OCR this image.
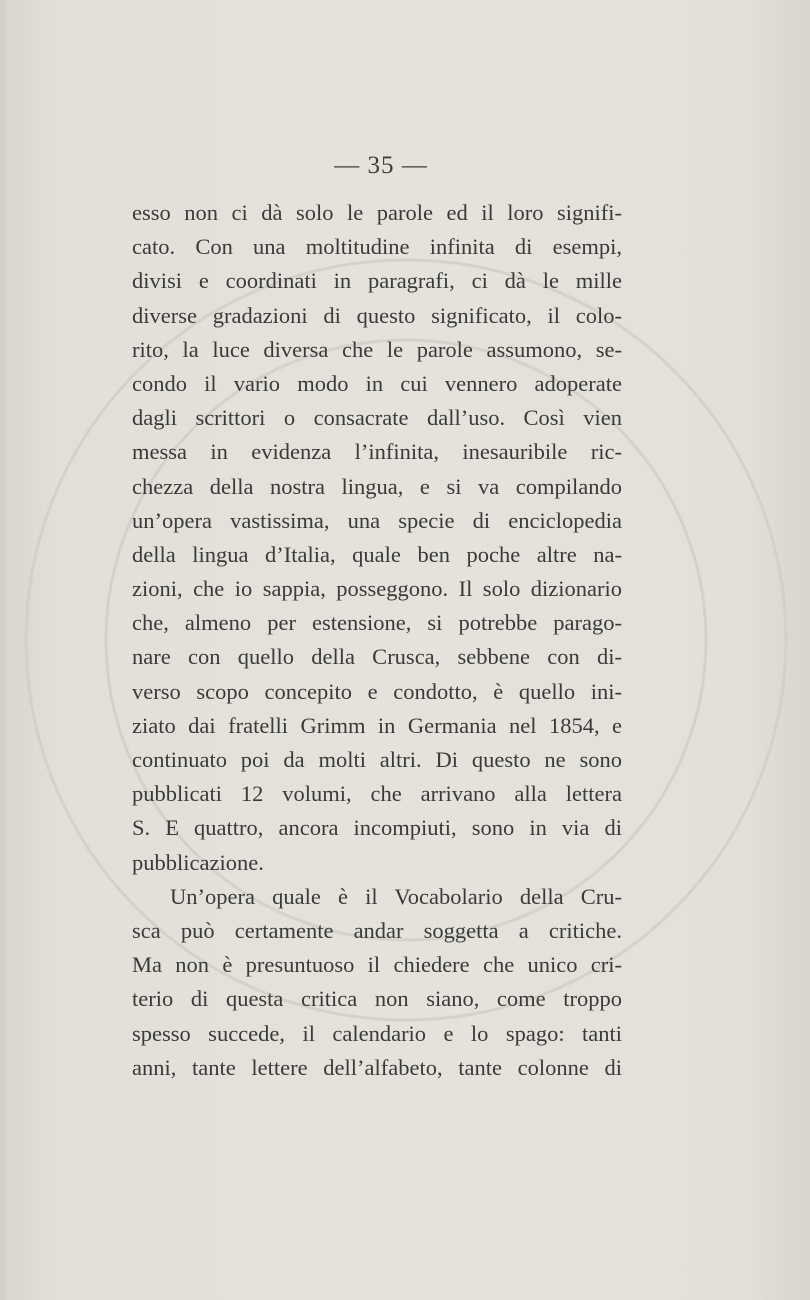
— 35 —
esso non ci dà solo le parole ed il loro signifi-
cato. Con una moltitudine infinita di esempi,
divisi e coordinati in paragrafi, ci dà le mille
diverse gradazioni di questo significato, il colo-
rito, la luce diversa che le parole assumono, se-
condo il vario modo in cui vennero adoperate
dagli scrittori o consacrate dall’uso. Così vien
messa in evidenza l’infinita, inesauribile ric-
chezza della nostra lingua, e si va compilando
un’opera vastissima, una specie di enciclopedia
della lingua d’Italia, quale ben poche altre na-
zioni, che io sappia, posseggono. Il solo dizionario
che, almeno per estensione, si potrebbe parago-
nare con quello della Crusca, sebbene con di-
verso scopo concepito e condotto, è quello ini-
ziato dai fratelli Grimm in Germania nel 1854, e
continuato poi da molti altri. Di questo ne sono
pubblicati 12 volumi, che arrivano alla lettera
S. E quattro, ancora incompiuti, sono in via di
pubblicazione.
Un’opera quale è il Vocabolario della Cru-
sca può certamente andar soggetta a critiche.
Ma non è presuntuoso il chiedere che unico cri-
terio di questa critica non siano, come troppo
spesso succede, il calendario e lo spago: tanti
anni, tante lettere dell’alfabeto, tante colonne di
